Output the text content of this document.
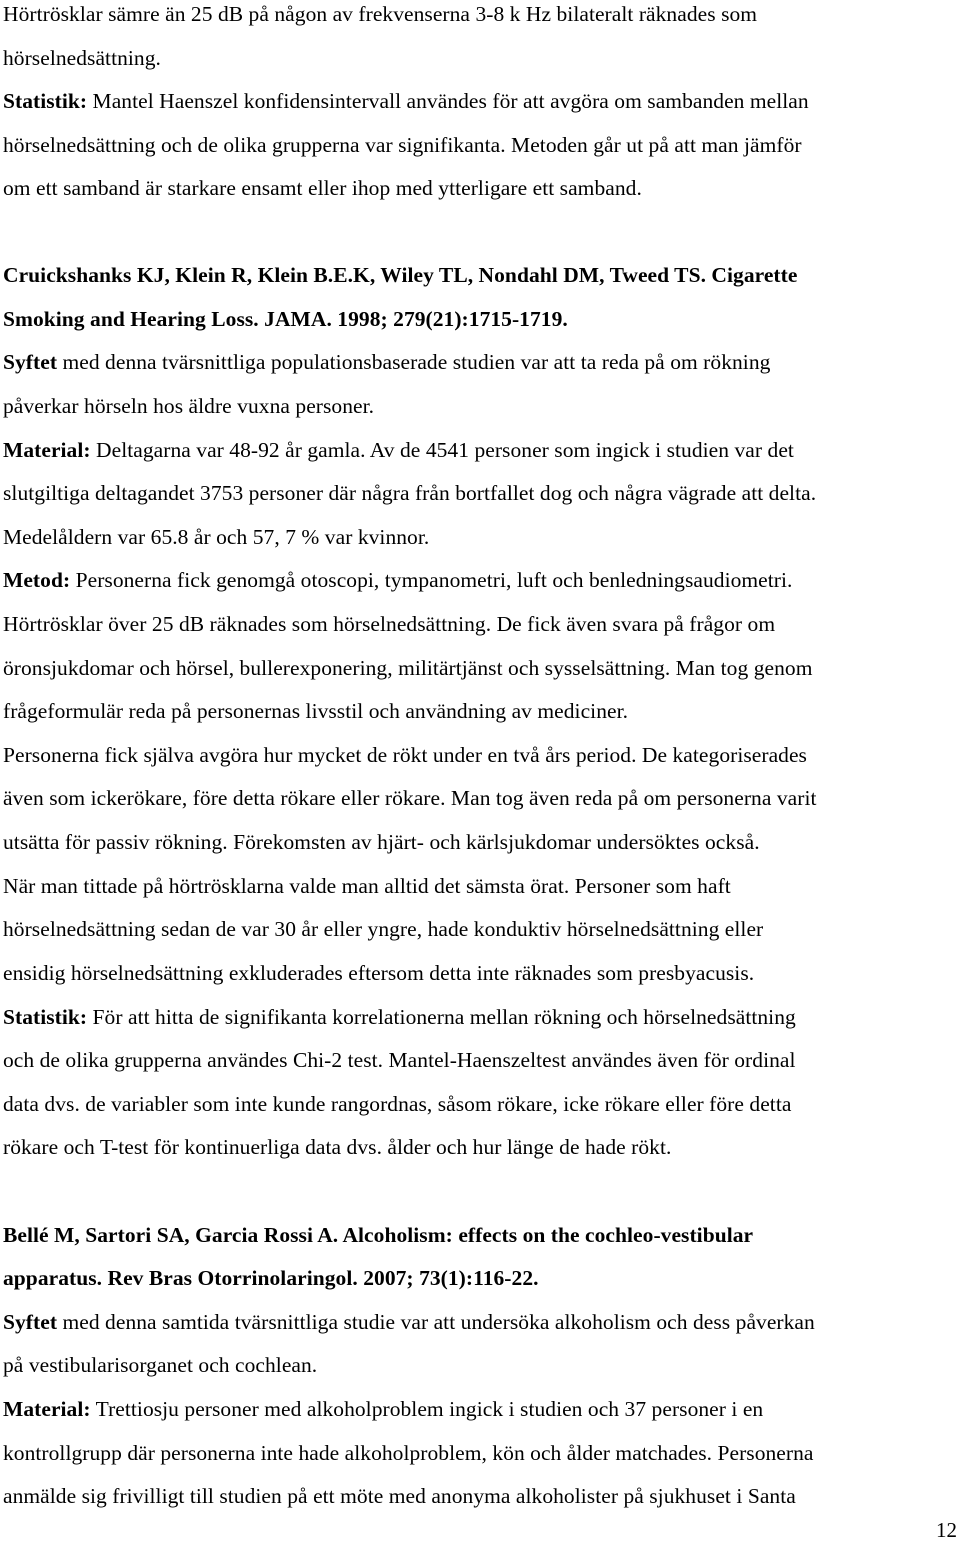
Hörtrösklar sämre än 25 dB på någon av frekvenserna 3-8 k Hz bilateralt räknades som
hörselnedsättning.
Statistik: Mantel Haenszel konfidensintervall användes för att avgöra om sambanden mellan
hörselnedsättning och de olika grupperna var signifikanta. Metoden går ut på att man jämför
om ett samband är starkare ensamt eller ihop med ytterligare ett samband.
Cruickshanks KJ, Klein R, Klein B.E.K, Wiley TL, Nondahl DM, Tweed TS. Cigarette
Smoking and Hearing Loss. JAMA. 1998; 279(21):1715-1719.
Syftet med denna tvärsnittliga populationsbaserade studien var att ta reda på om rökning
påverkar hörseln hos äldre vuxna personer.
Material: Deltagarna var 48-92 år gamla. Av de 4541 personer som ingick i studien var det
slutgiltiga deltagandet 3753 personer där några från bortfallet dog och några vägrade att delta.
Medelåldern var 65.8 år och 57, 7 % var kvinnor.
Metod: Personerna fick genomgå otoscopi, tympanometri, luft och benledningsaudiometri.
Hörtrösklar över 25 dB räknades som hörselnedsättning. De fick även svara på frågor om
öronsjukdomar och hörsel, bullerexponering, militärtjänst och sysselsättning. Man tog genom
frågeformulär reda på personernas livsstil och användning av mediciner.
Personerna fick själva avgöra hur mycket de rökt under en två års period. De kategoriserades
även som ickerökare, före detta rökare eller rökare. Man tog även reda på om personerna varit
utsätta för passiv rökning. Förekomsten av hjärt- och kärlsjukdomar undersöktes också.
När man tittade på hörtrösklarna valde man alltid det sämsta örat. Personer som haft
hörselnedsättning sedan de var 30 år eller yngre, hade konduktiv hörselnedsättning eller
ensidig hörselnedsättning exkluderades eftersom detta inte räknades som presbyacusis.
Statistik: För att hitta de signifikanta korrelationerna mellan rökning och hörselnedsättning
och de olika grupperna användes Chi-2 test. Mantel-Haenszeltest användes även för ordinal
data dvs. de variabler som inte kunde rangordnas, såsom rökare, icke rökare eller före detta
rökare och T-test för kontinuerliga data dvs. ålder och hur länge de hade rökt.
Bellé M, Sartori SA, Garcia Rossi A. Alcoholism: effects on the cochleo-vestibular
apparatus. Rev Bras Otorrinolaringol. 2007; 73(1):116-22.
Syftet med denna samtida tvärsnittliga studie var att undersöka alkoholism och dess påverkan
på vestibularisorganet och cochlean.
Material: Trettiosju personer med alkoholproblem ingick i studien och 37 personer i en
kontrollgrupp där personerna inte hade alkoholproblem, kön och ålder matchades. Personerna
anmälde sig frivilligt till studien på ett möte med anonyma alkoholister på sjukhuset i Santa
12
